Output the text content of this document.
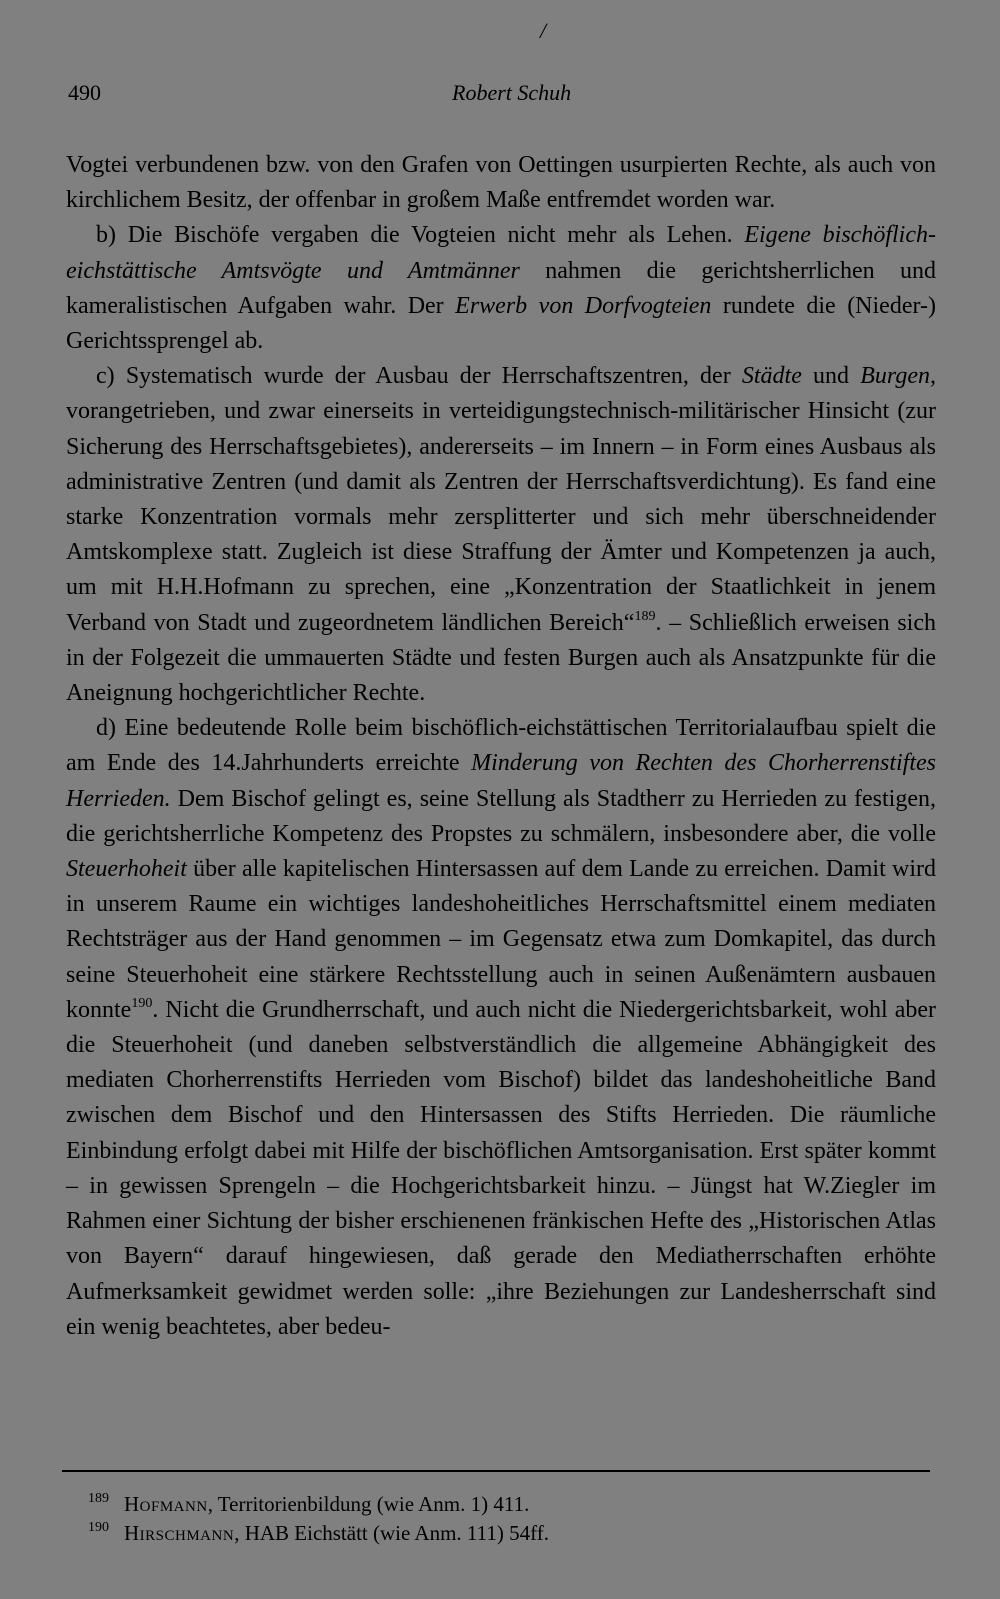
/
490	Robert Schuh

Vogtei verbundenen bzw. von den Grafen von Oettingen usurpierten Rechte, als auch von kirchlichem Besitz, der offenbar in großem Maße entfremdet worden war.

b) Die Bischöfe vergaben die Vogteien nicht mehr als Lehen. Eigene bischöflich-eichstättische Amtsvögte und Amtmänner nahmen die gerichtsherrlichen und kameralistischen Aufgaben wahr. Der Erwerb von Dorfvogteien rundete die (Nieder-) Gerichtssprengel ab.

c) Systematisch wurde der Ausbau der Herrschaftszentren, der Städte und Burgen, vorangetrieben, und zwar einerseits in verteidigungstechnisch-militärischer Hinsicht (zur Sicherung des Herrschaftsgebietes), andererseits – im Innern – in Form eines Ausbaus als administrative Zentren (und damit als Zentren der Herrschaftsverdichtung). Es fand eine starke Konzentration vormals mehr zersplitterter und sich mehr überschneidender Amtskomplexe statt. Zugleich ist diese Straffung der Ämter und Kompetenzen ja auch, um mit H.H.Hofmann zu sprechen, eine „Konzentration der Staatlichkeit in jenem Verband von Stadt und zugeordnetem ländlichen Bereich“$^{189}$. – Schließlich erweisen sich in der Folgezeit die ummauerten Städte und festen Burgen auch als Ansatzpunkte für die Aneignung hochgerichtlicher Rechte.

d) Eine bedeutende Rolle beim bischöflich-eichstättischen Territorialaufbau spielt die am Ende des 14.Jahrhunderts erreichte Minderung von Rechten des Chorherrenstiftes Herrieden. Dem Bischof gelingt es, seine Stellung als Stadtherr zu Herrieden zu festigen, die gerichtsherrliche Kompetenz des Propstes zu schmälern, insbesondere aber, die volle Steuerhoheit über alle kapitelischen Hintersassen auf dem Lande zu erreichen. Damit wird in unserem Raume ein wichtiges landeshoheitliches Herrschaftsmittel einem mediaten Rechtsträger aus der Hand genommen – im Gegensatz etwa zum Domkapitel, das durch seine Steuerhoheit eine stärkere Rechtsstellung auch in seinen Außenämtern ausbauen konnte$^{190}$. Nicht die Grundherrschaft, und auch nicht die Niedergerichtsbarkeit, wohl aber die Steuerhoheit (und daneben selbstverständlich die allgemeine Abhängigkeit des mediaten Chorherrenstifts Herrieden vom Bischof) bildet das landeshoheitliche Band zwischen dem Bischof und den Hintersassen des Stifts Herrieden. Die räumliche Einbindung erfolgt dabei mit Hilfe der bischöflichen Amtsorganisation. Erst später kommt – in gewissen Sprengeln – die Hochgerichtsbarkeit hinzu. – Jüngst hat W.Ziegler im Rahmen einer Sichtung der bisher erschienenen fränkischen Hefte des „Historischen Atlas von Bayern“ darauf hingewiesen, daß gerade den Mediatherrschaften erhöhte Aufmerksamkeit gewidmet werden solle: „ihre Beziehungen zur Landesherrschaft sind ein wenig beachtetes, aber bedeu-

189 Hofmann, Territorienbildung (wie Anm. 1) 411.
190 Hirschmann, HAB Eichstätt (wie Anm. 111) 54ff.
